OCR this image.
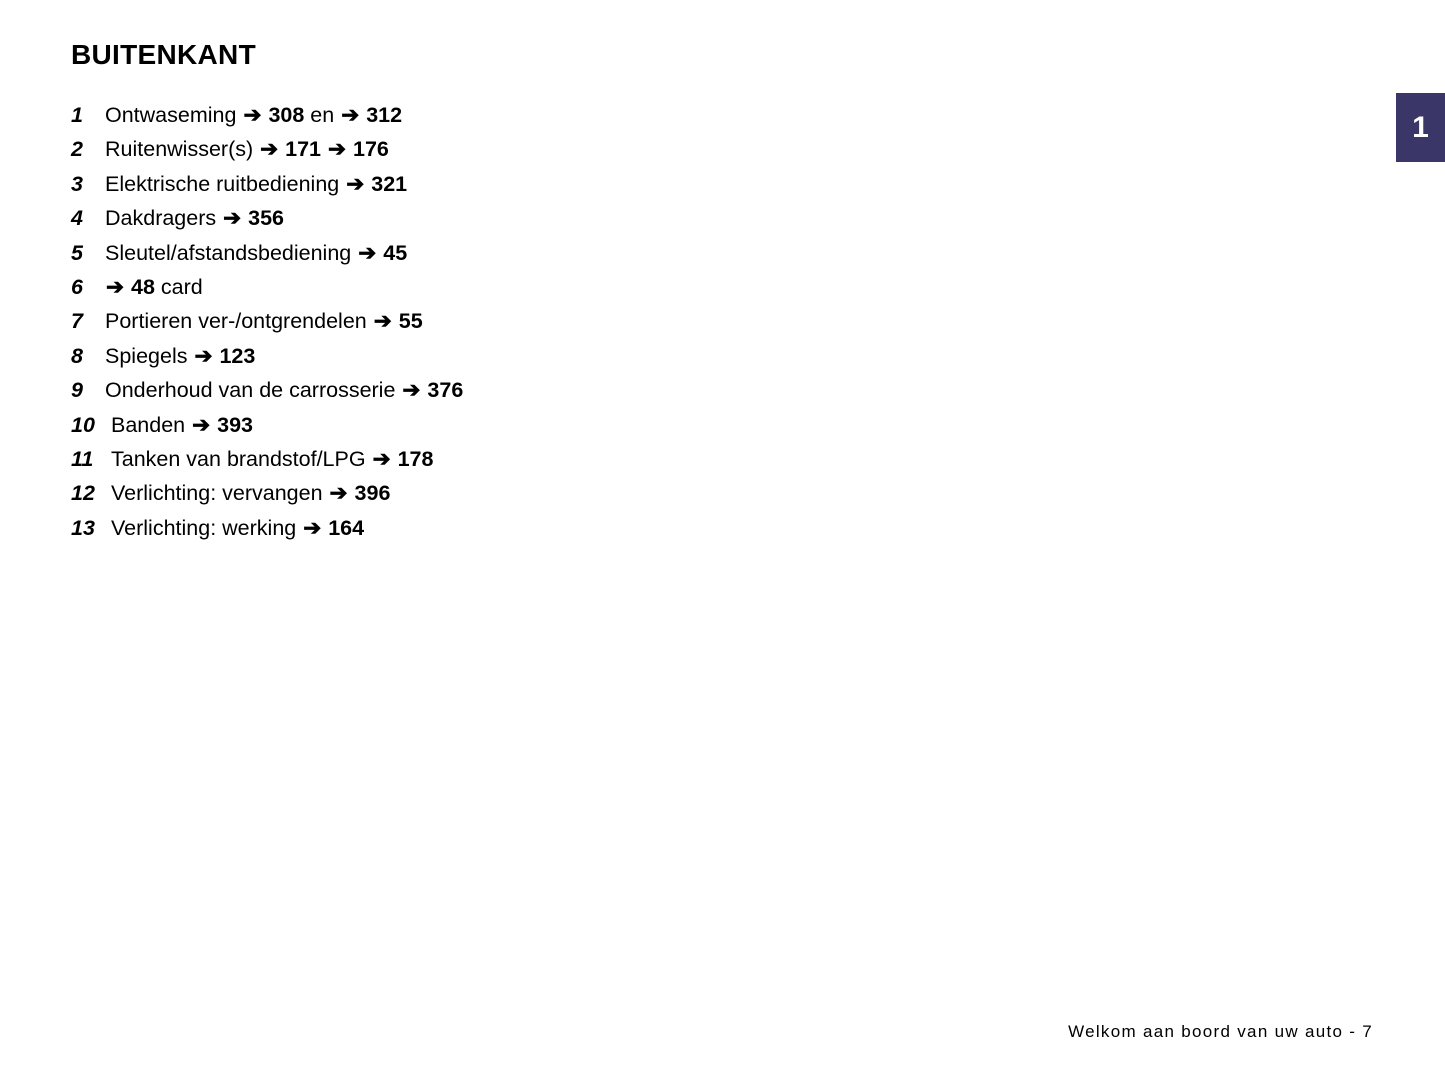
1
BUITENKANT
1	Ontwaseming ➔ 308 en ➔ 312
2	Ruitenwisser(s) ➔ 171 ➔ 176
3	Elektrische ruitbediening ➔ 321
4	Dakdragers ➔ 356
5	Sleutel/afstandsbediening ➔ 45
6	➔ 48 card
7	Portieren ver-/ontgrendelen ➔ 55
8	Spiegels ➔ 123
9	Onderhoud van de carrosserie ➔ 376
10 Banden ➔ 393
11 Tanken van brandstof/LPG ➔ 178
12 Verlichting: vervangen ➔ 396
13 Verlichting: werking ➔ 164
Welkom aan boord van uw auto - 7
